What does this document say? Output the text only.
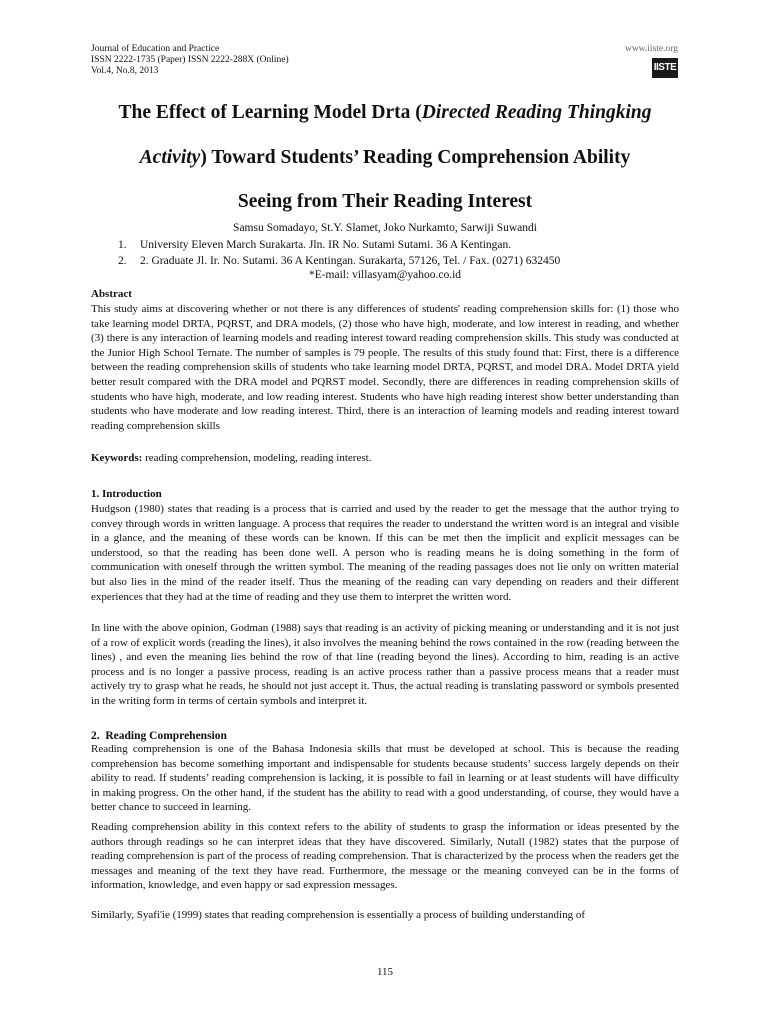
Journal of Education and Practice
ISSN 2222-1735 (Paper) ISSN 2222-288X (Online)
Vol.4, No.8, 2013
www.iiste.org
IISTE
The Effect of Learning Model Drta (Directed Reading Thingking
Activity) Toward Students’ Reading Comprehension Ability
Seeing from Their Reading Interest
Samsu Somadayo, St.Y. Slamet, Joko Nurkamto, Sarwiji Suwandi
1. University Eleven March Surakarta. Jln. IR No. Sutami Sutami. 36 A Kentingan.
2. 2. Graduate Jl. Ir. No. Sutami. 36 A Kentingan. Surakarta, 57126, Tel. / Fax. (0271) 632450
*E-mail: villasyam@yahoo.co.id
Abstract

This study aims at discovering whether or not there is any differences of students' reading comprehension skills for: (1) those who take learning model DRTA, PQRST, and DRA models, (2) those who have high, moderate, and low interest in reading, and whether (3) there is any interaction of learning models and reading interest toward reading comprehension skills. This study was conducted at the Junior High School Ternate. The number of samples is 79 people. The results of this study found that: First, there is a difference between the reading comprehension skills of students who take learning model DRTA, PQRST, and model DRA. Model DRTA yield better result compared with the DRA model and PQRST model. Secondly, there are differences in reading comprehension skills of students who have high, moderate, and low reading interest. Students who have high reading interest show better understanding than students who have moderate and low reading interest. Third, there is an interaction of learning models and reading interest toward reading comprehension skills

Keywords: reading comprehension, modeling, reading interest.
1. Introduction

Hudgson (1980) states that reading is a process that is carried and used by the reader to get the message that the author trying to convey through words in written language. A process that requires the reader to understand the written word is an integral and visible in a glance, and the meaning of these words can be known. If this can be met then the implicit and explicit messages can be understood, so that the reading has been done well. A person who is reading means he is doing something in the form of communication with oneself through the written symbol. The meaning of the reading passages does not lie only on written material but also lies in the mind of the reader itself. Thus the meaning of the reading can vary depending on readers and their different experiences that they had at the time of reading and they use them to interpret the written word.

In line with the above opinion, Godman (1988) says that reading is an activity of picking meaning or understanding and it is not just of a row of explicit words (reading the lines), it also involves the meaning behind the rows contained in the row (reading between the lines) , and even the meaning lies behind the row of that line (reading beyond the lines). According to him, reading is an active process and is no longer a passive process, reading is an active process rather than a passive process means that a reader must actively try to grasp what he reads, he should not just accept it. Thus, the actual reading is translating password or symbols presented in the writing form in terms of certain symbols and interpret it.

2. Reading Comprehension

Reading comprehension is one of the Bahasa Indonesia skills that must be developed at school. This is because the reading comprehension has become something important and indispensable for students because students’ success largely depends on their ability to read. If students’ reading comprehension is lacking, it is possible to fail in learning or at least students will have difficulty in making progress. On the other hand, if the student has the ability to read with a good understanding, of course, they would have a better chance to succeed in learning.

Reading comprehension ability in this context refers to the ability of students to grasp the information or ideas presented by the authors through readings so he can interpret ideas that they have discovered. Similarly, Nutall (1982) states that the purpose of reading comprehension is part of the process of reading comprehension. That is characterized by the process when the readers get the messages and meaning of the text they have read. Furthermore, the message or the meaning conveyed can be in the forms of information, knowledge, and even happy or sad expression messages.

Similarly, Syafi'ie (1999) states that reading comprehension is essentially a process of building understanding of

115
